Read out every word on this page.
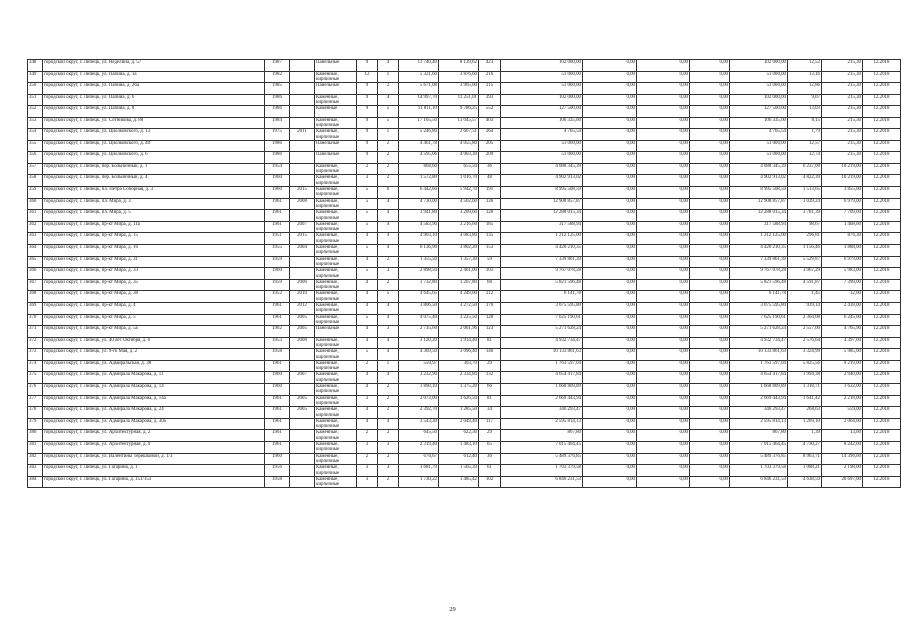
348	городской округ, г. Липецк, ул. Неделина, д. 57	1987		Панельные	9	4	11 740,40	8 139,62	423	102 000,00	0,00	0,00	0,00	102 000,00	12,53	215,30	12.2018
349	городской округ, г. Липецк, ул. Папина, д. 1а	1982		Каменные, кирпичные	12	1	5 321,60	3 876,60	216	51 000,00	0,00	0,00	0,00	51 000,00	13,16	215,30	12.2018
350	городской округ, г. Липецк, ул. Папина, д. 26а	1985		Панельные	9	2	5 671,08	3 965,00	215	51 000,00	0,00	0,00	0,00	51 000,00	12,86	215,30	12.2018
351	городской округ, г. Липецк, ул. Папина, д. 6	1986		Каменные, кирпичные	9	4	14 997,70	11 251,01	393	102 000,00	0,00	0,00	0,00	102 000,00	9,07	215,30	12.2018
352	городской округ, г. Липецк, ул. Папина, д. 8	1986		Каменные	9	5	11 811,10	9 786,25	552	127 500,00	0,00	0,00	0,00	127 500,00	13,03	215,30	12.2018
353	городской округ, г. Липецк, ул. Сотникова, д. 88	1984		Каменные, кирпичные	9	5	17 165,50	13 045,57	403	106 335,00	0,00	0,00	0,00	106 335,00	8,15	215,30	12.2018
354	городской округ, г. Липецк, ул. Циолковского, д. 13	1975	2011	Каменные, кирпичные	9	1	5 246,80	2 667,51	264	4 765,54	0,00	0,00	0,00	4 765,54	1,79	215,30	12.2018
355	городской округ, г. Липецк, ул. Циолковского, д. 40	1986		Панельные	9	2	4 461,78	4 055,80	205	51 000,00	0,00	0,00	0,00	51 000,00	12,57	215,30	12.2018
356	городской округ, г. Липецк, ул. Циолковского, д. 6	1986		Панельные	9	2	4 595,06	4 003,30	209	51 000,00	0,00	0,00	0,00	51 000,00	12,74	215,30	12.2018
357	городской округ, г. Липецк, пер. Больничный, д. 1	1954		Каменные, кирпичные	2	2	868,60	655,50	36	4 088 345,39	0,00	0,00	0,00	4 088 345,39	6 237,00	10 219,00	12.2018
358	городской округ, г. Липецк, пер. Больничный, д. 4	1960		Каменные, кирпичные	3	2	1 572,80	1 016,70	48	4 902 913,02	0,00	0,00	0,00	4 902 913,02	4 822,39	10 219,00	12.2018
359	городской округ, г. Липецк, пл. Петра Соборная, д. 3	1960	2015	Каменные, кирпичные	5	6	6 442,60	5 942,70	191	8 995 508,59	0,00	0,00	0,00	8 995 508,59	1 513,65	3 855,00	12.2018
360	городской округ, г. Липецк, пл. Мира, д. 3	1961	2008	Каменные, кирпичные	5	4	4 730,00	4 502,60	136	12 908 857,87	0,00	0,00	0,00	12 908 857,87	3 039,24	6 979,00	12.2018
361	городской округ, г. Липецк, пл. Мира, д. 5	1961		Каменные, кирпичные	5	4	3 941,80	3 209,60	128	12 288 015,34	0,00	0,00	0,00	12 288 015,34	3 781,39	7 709,00	12.2018
362	городской округ, г. Липецк, пр-кт Мира, д. 11а	1961	2007	Каменные, кирпичные	5	4	4 583,90	3 216,60	185	317 588,94	0,00	0,00	0,00	317 588,94	98,67	1 468,00	12.2018
363	городской округ, г. Липецк, пр-кт Мира, д. 15	1951	2015	Каменные, кирпичные	4	4	4 903,10	4 083,80	135	1 212 125,00	0,00	0,00	0,00	1 212 125,00	296,81	876,30	12.2018
364	городской округ, г. Липецк, пр-кт Мира, д. 16	1955	2004	Каменные, кирпичные	5	4	6 136,90	3 802,20	153	4 420 210,35	0,00	0,00	0,00	4 420 210,35	1 156,46	1 888,00	12.2018
365	городской округ, г. Липецк, пр-кт Мира, д. 31	1959		Каменные, кирпичные	4	2	1 355,50	1 357,30	59	7 339 861,39	0,00	0,00	0,00	7 339 861,39	5 529,87	6 979,00	12.2018
366	городской округ, г. Липецк, пр-кт Мира, д. 33	1960		Каменные, кирпичные	5	3	2 898,50	2 461,00	103	9 767 078,28	0,00	0,00	0,00	9 767 078,28	3 967,29	5 983,00	12.2018
367	городской округ, г. Липецк, пр-кт Мира, д. 35	1959	2006	Каменные, кирпичные	4	2	1 732,80	1 267,80	68	5 821 596,48	0,00	0,00	0,00	5 821 596,48	4 591,87	7 399,00	12.2018
368	городской округ, г. Липецк, пр-кт Мира, д. 38	1952	2010	Каменные, кирпичные	4	5	4 645,65	4 249,00	212	6 141,78	0,00	0,00	0,00	6 141,78	1,45	12,00	12.2018
369	городской округ, г. Липецк, пр-кт Мира, д. 4	1961	2012	Каменные, кирпичные	4	4	3 806,50	3 272,50	176	3 075 595,80	0,00	0,00	0,00	3 075 595,80	939,14	2 418,00	12.2018
370	городской округ, г. Липецк, пр-кт Мира, д. 5	1961	2005	Каменные, кирпичные	5	4	4 075,40	3 225,50	128	7 625 190,61	0,00	0,00	0,00	7 625 190,61	2 364,08	6 245,00	12.2018
371	городской округ, г. Липецк, пр-кт Мира, д. 5а	1962	2005	Панельные	4	3	2 735,60	2 061,96	123	5 271 628,24	0,00	0,00	0,00	5 271 628,24	2 557,00	4 765,90	12.2018
372	городской округ, г. Липецк, ул. 40 лет Октября, д. 6	1953	2008	Каменные, кирпичные	4	4	3 120,20	1 914,40	81	4 932 734,47	0,00	0,00	0,00	4 932 734,47	2 576,64	4 397,00	12.2018
373	городской округ, г. Липецк, ул. 9-го Мая, д. 2	1958		Каменные, кирпичные	5	4	4 369,50	3 096,40	140	10 133 861,63	0,00	0,00	0,00	10 133 861,63	3 324,99	5 985,00	12.2018
374	городской округ, г. Липецк, ул. Адмиральская, д. 38	1961		Каменные, кирпичные	2	1	550,97	303,70	29	1 763 597,04	0,00	0,00	0,00	1 763 597,04	5 825,56	9 219,00	12.2018
375	городской округ, г. Липецк, ул. Адмирала Макарова, д. 11	1960	2007	Каменные, кирпичные	4	4	3 232,90	2 334,80	132	4 654 417,84	0,00	0,00	0,00	4 654 417,84	1 994,38	2 940,00	12.2018
376	городской округ, г. Липецк, ул. Адмирала Макарова, д. 14	1960		Каменные, кирпичные	4	2	1 890,10	1 375,20	66	1 668 809,89	0,00	0,00	0,00	1 668 809,89	1 318,71	1 622,00	12.2018
377	городской округ, г. Липецк, ул. Адмирала Макарова, д. 14а	1961	2005	Каменные, кирпичные	3	2	2 073,00	1 626,50	81	2 669 443,94	0,00	0,00	0,00	2 669 443,94	1 641,42	2 218,00	12.2018
378	городской округ, г. Липецк, ул. Адмирала Макарова, д. 24	1961	2005	Каменные, кирпичные	4	2	2 392,70	1 285,50	34	346 293,47	0,00	0,00	0,00	346 293,47	268,63	559,00	12.2018
379	городской округ, г. Липецк, ул. Адмирала Макарова, д. 30а	1961		Каменные, кирпичные	4	4	3 543,30	2 049,40	117	2 595 814,13	0,00	0,00	0,00	2 595 814,13	1 269,10	2 064,00	12.2018
380	городской округ, г. Липецк, ул. Архитектурная, д. 2	1961		Каменные, кирпичные	2	2	645,50	622,30	29	867,80	0,00	0,00	0,00	867,80	1,39	13,00	12.2018
381	городской округ, г. Липецк, ул. Архитектурная, д. 9	1961		Каменные, кирпичные	3	3	2 319,40	1 483,10	65	7 015 464,45	0,00	0,00	0,00	7 015 464,45	4 730,27	8 242,00	12.2018
382	городской округ, г. Липецк, ул. Валентины Терешковой, д. 1/3	1960		Каменные, кирпичные	2	2	670,67	612,40	36	5 489 376,85	0,00	0,00	0,00	5 489 376,85	8 963,71	14 396,00	12.2018
383	городской округ, г. Липецк, ул. Гагарина, д. 1	1956		Каменные, кирпичные	3	3	1 681,79	1 565,39	61	1 703 379,58	0,00	0,00	0,00	1 703 379,58	1 088,21	2 198,00	12.2018
384	городской округ, г. Липецк, ул. Гагарина, д. 151/153	1958		Каменные, кирпичные	3	2	1 730,22	1 485,42	102	6 846 231,53	0,00	0,00	0,00	6 846 231,53	4 638,59	20 697,00	12.2018
29
